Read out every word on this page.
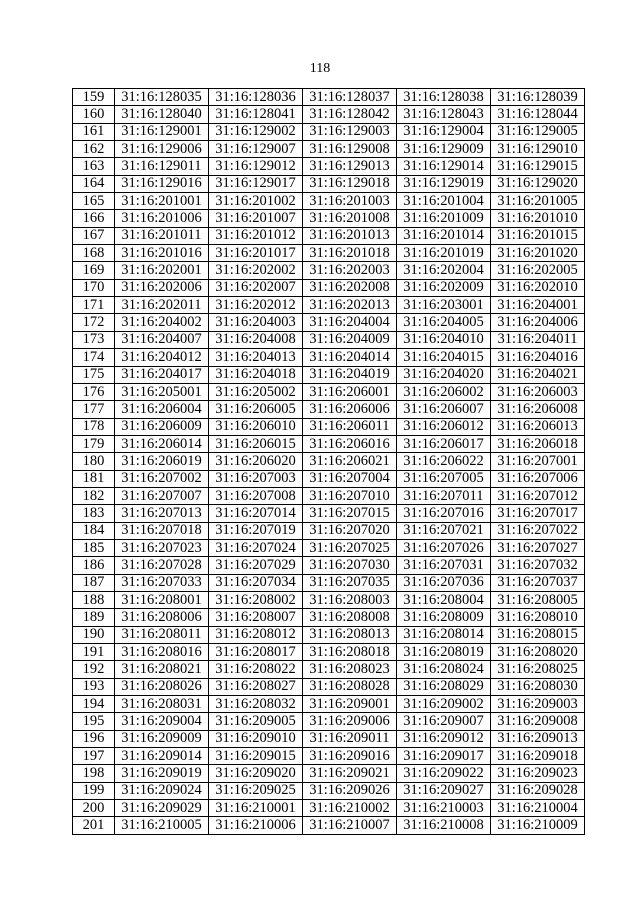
118
159	31:16:128035	31:16:128036	31:16:128037	31:16:128038	31:16:128039
160	31:16:128040	31:16:128041	31:16:128042	31:16:128043	31:16:128044
161	31:16:129001	31:16:129002	31:16:129003	31:16:129004	31:16:129005
162	31:16:129006	31:16:129007	31:16:129008	31:16:129009	31:16:129010
163	31:16:129011	31:16:129012	31:16:129013	31:16:129014	31:16:129015
164	31:16:129016	31:16:129017	31:16:129018	31:16:129019	31:16:129020
165	31:16:201001	31:16:201002	31:16:201003	31:16:201004	31:16:201005
166	31:16:201006	31:16:201007	31:16:201008	31:16:201009	31:16:201010
167	31:16:201011	31:16:201012	31:16:201013	31:16:201014	31:16:201015
168	31:16:201016	31:16:201017	31:16:201018	31:16:201019	31:16:201020
169	31:16:202001	31:16:202002	31:16:202003	31:16:202004	31:16:202005
170	31:16:202006	31:16:202007	31:16:202008	31:16:202009	31:16:202010
171	31:16:202011	31:16:202012	31:16:202013	31:16:203001	31:16:204001
172	31:16:204002	31:16:204003	31:16:204004	31:16:204005	31:16:204006
173	31:16:204007	31:16:204008	31:16:204009	31:16:204010	31:16:204011
174	31:16:204012	31:16:204013	31:16:204014	31:16:204015	31:16:204016
175	31:16:204017	31:16:204018	31:16:204019	31:16:204020	31:16:204021
176	31:16:205001	31:16:205002	31:16:206001	31:16:206002	31:16:206003
177	31:16:206004	31:16:206005	31:16:206006	31:16:206007	31:16:206008
178	31:16:206009	31:16:206010	31:16:206011	31:16:206012	31:16:206013
179	31:16:206014	31:16:206015	31:16:206016	31:16:206017	31:16:206018
180	31:16:206019	31:16:206020	31:16:206021	31:16:206022	31:16:207001
181	31:16:207002	31:16:207003	31:16:207004	31:16:207005	31:16:207006
182	31:16:207007	31:16:207008	31:16:207010	31:16:207011	31:16:207012
183	31:16:207013	31:16:207014	31:16:207015	31:16:207016	31:16:207017
184	31:16:207018	31:16:207019	31:16:207020	31:16:207021	31:16:207022
185	31:16:207023	31:16:207024	31:16:207025	31:16:207026	31:16:207027
186	31:16:207028	31:16:207029	31:16:207030	31:16:207031	31:16:207032
187	31:16:207033	31:16:207034	31:16:207035	31:16:207036	31:16:207037
188	31:16:208001	31:16:208002	31:16:208003	31:16:208004	31:16:208005
189	31:16:208006	31:16:208007	31:16:208008	31:16:208009	31:16:208010
190	31:16:208011	31:16:208012	31:16:208013	31:16:208014	31:16:208015
191	31:16:208016	31:16:208017	31:16:208018	31:16:208019	31:16:208020
192	31:16:208021	31:16:208022	31:16:208023	31:16:208024	31:16:208025
193	31:16:208026	31:16:208027	31:16:208028	31:16:208029	31:16:208030
194	31:16:208031	31:16:208032	31:16:209001	31:16:209002	31:16:209003
195	31:16:209004	31:16:209005	31:16:209006	31:16:209007	31:16:209008
196	31:16:209009	31:16:209010	31:16:209011	31:16:209012	31:16:209013
197	31:16:209014	31:16:209015	31:16:209016	31:16:209017	31:16:209018
198	31:16:209019	31:16:209020	31:16:209021	31:16:209022	31:16:209023
199	31:16:209024	31:16:209025	31:16:209026	31:16:209027	31:16:209028
200	31:16:209029	31:16:210001	31:16:210002	31:16:210003	31:16:210004
201	31:16:210005	31:16:210006	31:16:210007	31:16:210008	31:16:210009
